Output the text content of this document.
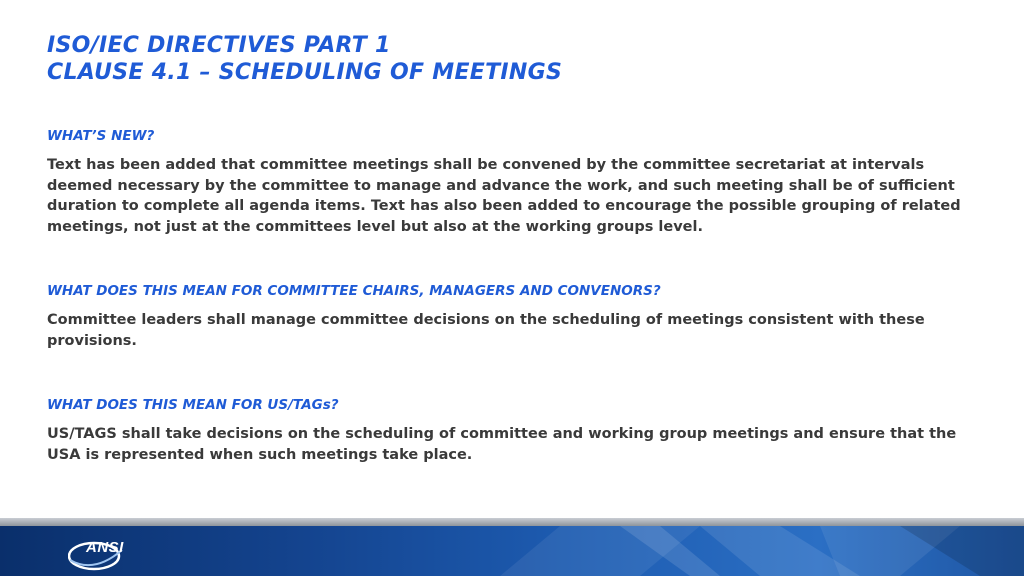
ISO/IEC DIRECTIVES PART 1
CLAUSE 4.1 – SCHEDULING OF MEETINGS
WHAT’S NEW?

Text has been added that committee meetings shall be convened by the committee secretariat at intervals deemed necessary by the committee to manage and advance the work, and such meeting shall be of sufficient duration to complete all agenda items. Text has also been added to encourage the possible grouping of related meetings, not just at the committees level but also at the working groups level.

WHAT DOES THIS MEAN FOR COMMITTEE CHAIRS, MANAGERS AND CONVENORS?

Committee leaders shall manage committee decisions on the scheduling of meetings consistent with these provisions.

WHAT DOES THIS MEAN FOR US/TAGs?

US/TAGS shall take decisions on the scheduling of committee and working group meetings and ensure that the USA is represented when such meetings take place.

ANSI
